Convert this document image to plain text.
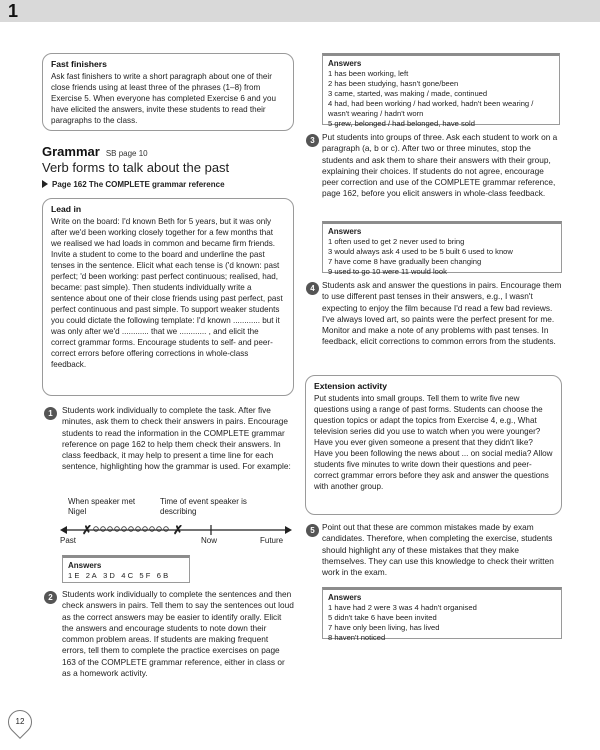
1
Fast finishers

Ask fast finishers to write a short paragraph about one of their close friends using at least three of the phrases (1–8) from Exercise 5. When everyone has completed Exercise 6 and you have elicited the answers, invite these students to read their paragraphs to the class.

Grammar SB page 10
Verb forms to talk about the past
Page 162 The COMPLETE grammar reference
Lead in

Write on the board: I'd known Beth for 5 years, but it was only after we'd been working closely together for a few months that we realised we had loads in common and became firm friends. Invite a student to come to the board and underline the past tenses in the sentence. Elicit what each tense is ('d known: past perfect; 'd been working: past perfect continuous; realised, had, became: past simple). Then students individually write a sentence about one of their close friends using past perfect, past perfect continuous and past simple. To support weaker students you could dictate the following template: I'd known ............ but it was only after we'd ............ that we ............ , and elicit the correct grammar forms. Encourage students to self- and peer-correct errors before offering corrections in whole-class feedback.

1	Students work individually to complete the task. After five minutes, ask them to check their answers in pairs. Encourage students to read the information in the COMPLETE grammar reference on page 162 to help them check their answers. In class feedback, it may help to present a time line for each sentence, highlighting how the grammar is used. For example:

When speaker met Nigel
Time of event speaker is describing
✗	✗
Past	Now	Future
Answers
1 E 2 A 3 D 4 C 5 F 6 B
2	Students work individually to complete the sentences and then check answers in pairs. Tell them to say the sentences out loud as the correct answers may be easier to identify orally. Elicit the answers and encourage students to note down their common problem areas. If students are making frequent errors, tell them to complete the practice exercises on page 163 of the COMPLETE grammar reference, either in class or as a homework activity.

Answers
1 has been working, left
2 has been studying, hasn't gone/been
3 came, started, was making / made, continued
4 had, had been working / had worked, hadn't been wearing / wasn't wearing / hadn't worn
5 grew, belonged / had belonged, have sold
3 Put students into groups of three. Ask each student to work on a paragraph (a, b or c). After two or three minutes, stop the students and ask them to share their answers with their group, explaining their choices. If students do not agree, encourage peer correction and use of the COMPLETE grammar reference, page 162, before you elicit answers in whole-class feedback.

Answers
1 often used to get 2 never used to bring
3 would always ask 4 used to be 5 built 6 used to know
7 have come 8 have gradually been changing
9 used to go 10 were 11 would look
4 Students ask and answer the questions in pairs. Encourage them to use different past tenses in their answers, e.g., I wasn't expecting to enjoy the film because I'd read a few bad reviews. I've always loved art, so paints were the perfect present for me. Monitor and make a note of any problems with past tenses. In feedback, elicit corrections to common errors from the students.

Extension activity

Put students into small groups. Tell them to write five new questions using a range of past forms. Students can choose the question topics or adapt the topics from Exercise 4, e.g., What television series did you use to watch when you were younger? Have you ever given someone a present that they didn't like? Have you been following the news about ... on social media? Allow students five minutes to write down their questions and peer-correct grammar errors before they ask and answer the questions with another group.

5 Point out that these are common mistakes made by exam candidates. Therefore, when completing the exercise, students should highlight any of these mistakes that they make themselves. They can use this knowledge to check their written work in the exam.

Answers
1 have had 2 were 3 was 4 hadn't organised
5 didn't take 6 have been invited
7 have only been living, has lived
8 haven't noticed
12
